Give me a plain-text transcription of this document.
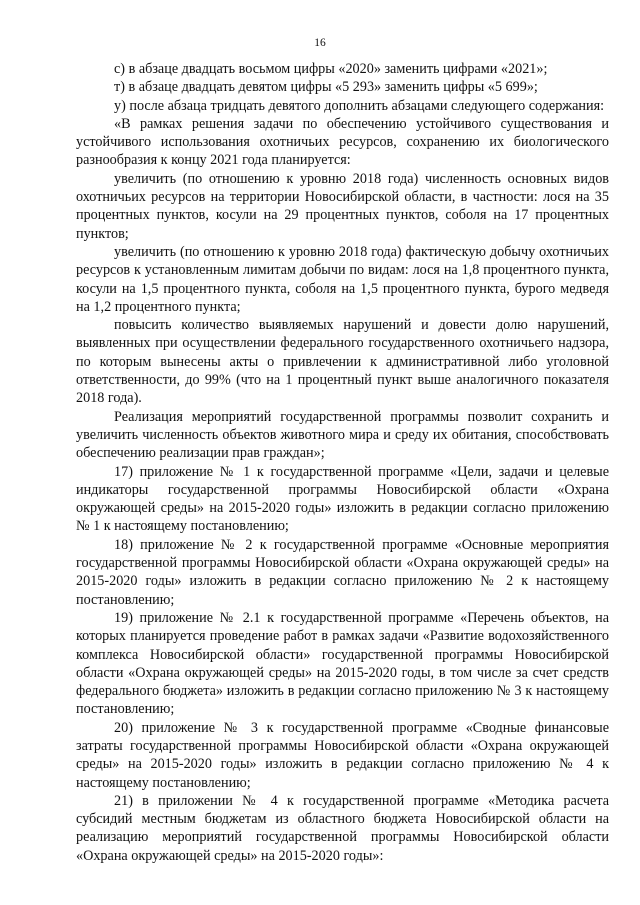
16

с) в абзаце двадцать восьмом цифры «2020» заменить цифрами «2021»;

т) в абзаце двадцать девятом цифры «5 293» заменить цифры «5 699»;

у) после абзаца тридцать девятого дополнить абзацами следующего содержания:

«В рамках решения задачи по обеспечению устойчивого существования и устойчивого использования охотничьих ресурсов, сохранению их биологического разнообразия к концу 2021 года планируется:

увеличить (по отношению к уровню 2018 года) численность основных видов охотничьих ресурсов на территории Новосибирской области, в частности: лося на 35 процентных пунктов, косули на 29 процентных пунктов, соболя на 17 процентных пунктов;

увеличить (по отношению к уровню 2018 года) фактическую добычу охотничьих ресурсов к установленным лимитам добычи по видам: лося на 1,8 процентного пункта, косули на 1,5 процентного пункта, соболя на 1,5 процентного пункта, бурого медведя на 1,2 процентного пункта;

повысить количество выявляемых нарушений и довести долю нарушений, выявленных при осуществлении федерального государственного охотничьего надзора, по которым вынесены акты о привлечении к административной либо уголовной ответственности, до 99% (что на 1 процентный пункт выше аналогичного показателя 2018 года).

Реализация мероприятий государственной программы позволит сохранить и увеличить численность объектов животного мира и среду их обитания, способствовать обеспечению реализации прав граждан»;

17) приложение № 1 к государственной программе «Цели, задачи и целевые индикаторы государственной программы Новосибирской области «Охрана окружающей среды» на 2015-2020 годы» изложить в редакции согласно приложению № 1 к настоящему постановлению;

18) приложение № 2 к государственной программе «Основные мероприятия государственной программы Новосибирской области «Охрана окружающей среды» на 2015-2020 годы» изложить в редакции согласно приложению № 2 к настоящему постановлению;

19) приложение № 2.1 к государственной программе «Перечень объектов, на которых планируется проведение работ в рамках задачи «Развитие водохозяйственного комплекса Новосибирской области» государственной программы Новосибирской области «Охрана окружающей среды» на 2015-2020 годы, в том числе за счет средств федерального бюджета» изложить в редакции согласно приложению № 3 к настоящему постановлению;

20) приложение № 3 к государственной программе «Сводные финансовые затраты государственной программы Новосибирской области «Охрана окружающей среды» на 2015-2020 годы» изложить в редакции согласно приложению № 4 к настоящему постановлению;

21) в приложении № 4 к государственной программе «Методика расчета субсидий местным бюджетам из областного бюджета Новосибирской области на реализацию мероприятий государственной программы Новосибирской области «Охрана окружающей среды» на 2015-2020 годы»:
